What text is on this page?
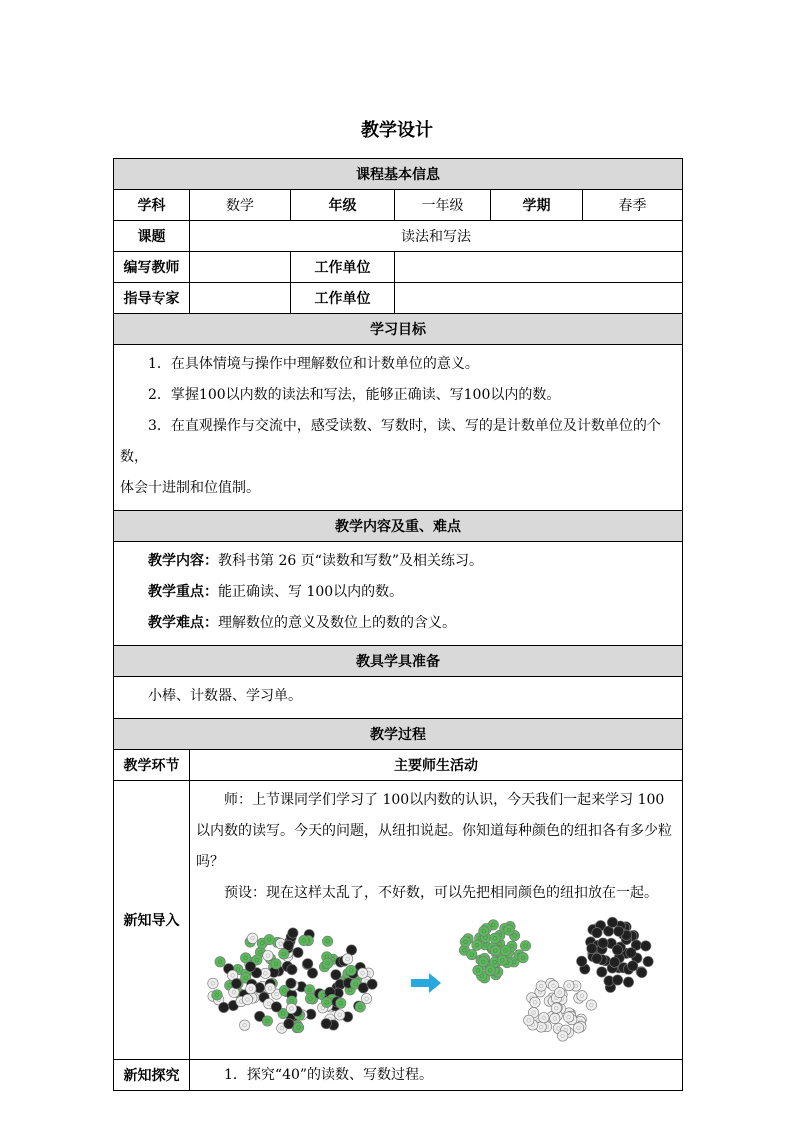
教学设计
课程基本信息					
学科	数学	年级	一年级	学期	春季
课题	读法和写法				
编写教师		工作单位			
指导专家		工作单位			
学习目标					

1．在具体情境与操作中理解数位和计数单位的意义。

2．掌握100以内数的读法和写法，能够正确读、写100以内的数。

3．在直观操作与交流中，感受读数、写数时，读、写的是计数单位及计数单位的个数，

体会十进制和位值制。					

教学内容及重、难点					

教学内容：教科书第 26 页“读数和写数”及相关练习。

教学重点：能正确读、写 100以内的数。

教学难点：理解数位的意义及数位上的数的含义。					

教具学具准备					

小棒、计数器、学习单。					

教学过程					
教学环节	主要师生活动				
新知导入	师：上节课同学们学习了 100以内数的认识，今天我们一起来学习 100以内数的读写。今天的问题，从纽扣说起。你知道每种颜色的纽扣各有多少粒吗？

预设：现在这样太乱了，不好数，可以先把相同颜色的纽扣放在一起。				

新知探究	1．探究“40”的读数、写数过程。				
